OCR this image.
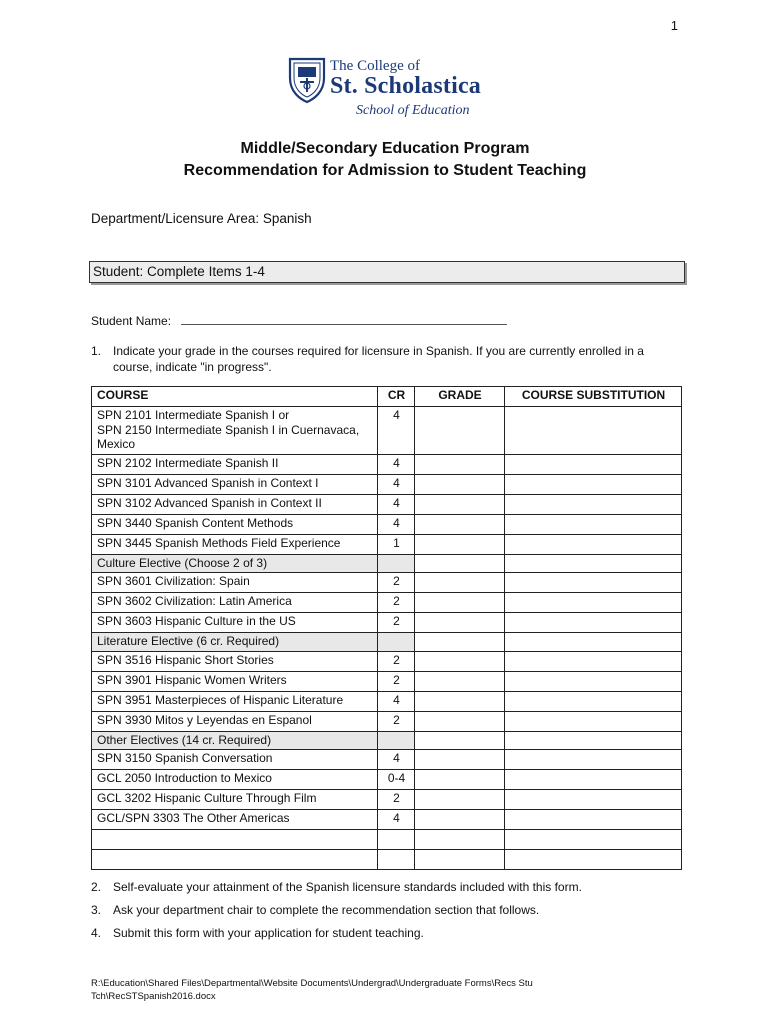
1
The College of
St. Scholastica
School of Education
Middle/Secondary Education Program
Recommendation for Admission to Student Teaching
Department/Licensure Area: Spanish
Student: Complete Items 1-4
Student Name:
1. Indicate your grade in the courses required for licensure in Spanish. If you are currently enrolled in a course, indicate "in progress".
COURSE	CR	GRADE	COURSE SUBSTITUTION
SPN 2101 Intermediate Spanish I or
SPN 2150 Intermediate Spanish I in Cuernavaca, Mexico	4		
SPN 2102 Intermediate Spanish II	4		
SPN 3101 Advanced Spanish in Context I	4		
SPN 3102 Advanced Spanish in Context II	4		
SPN 3440 Spanish Content Methods	4		
SPN 3445 Spanish Methods Field Experience	1		
Culture Elective (Choose 2 of 3)			
SPN 3601 Civilization: Spain	2		
SPN 3602 Civilization: Latin America	2		
SPN 3603 Hispanic Culture in the US	2		
Literature Elective (6 cr. Required)			
SPN 3516 Hispanic Short Stories	2		
SPN 3901 Hispanic Women Writers	2		
SPN 3951 Masterpieces of Hispanic Literature	4		
SPN 3930 Mitos y Leyendas en Espanol	2		
Other Electives (14 cr. Required)			
SPN 3150 Spanish Conversation	4		
GCL 2050 Introduction to Mexico	0-4		
GCL 3202 Hispanic Culture Through Film	2		
GCL/SPN 3303 The Other Americas	4		

2. Self-evaluate your attainment of the Spanish licensure standards included with this form.
3. Ask your department chair to complete the recommendation section that follows.
4. Submit this form with your application for student teaching.
R:\Education\Shared Files\Departmental\Website Documents\Undergrad\Undergraduate Forms\Recs Stu Tch\RecSTSpanish2016.docx
